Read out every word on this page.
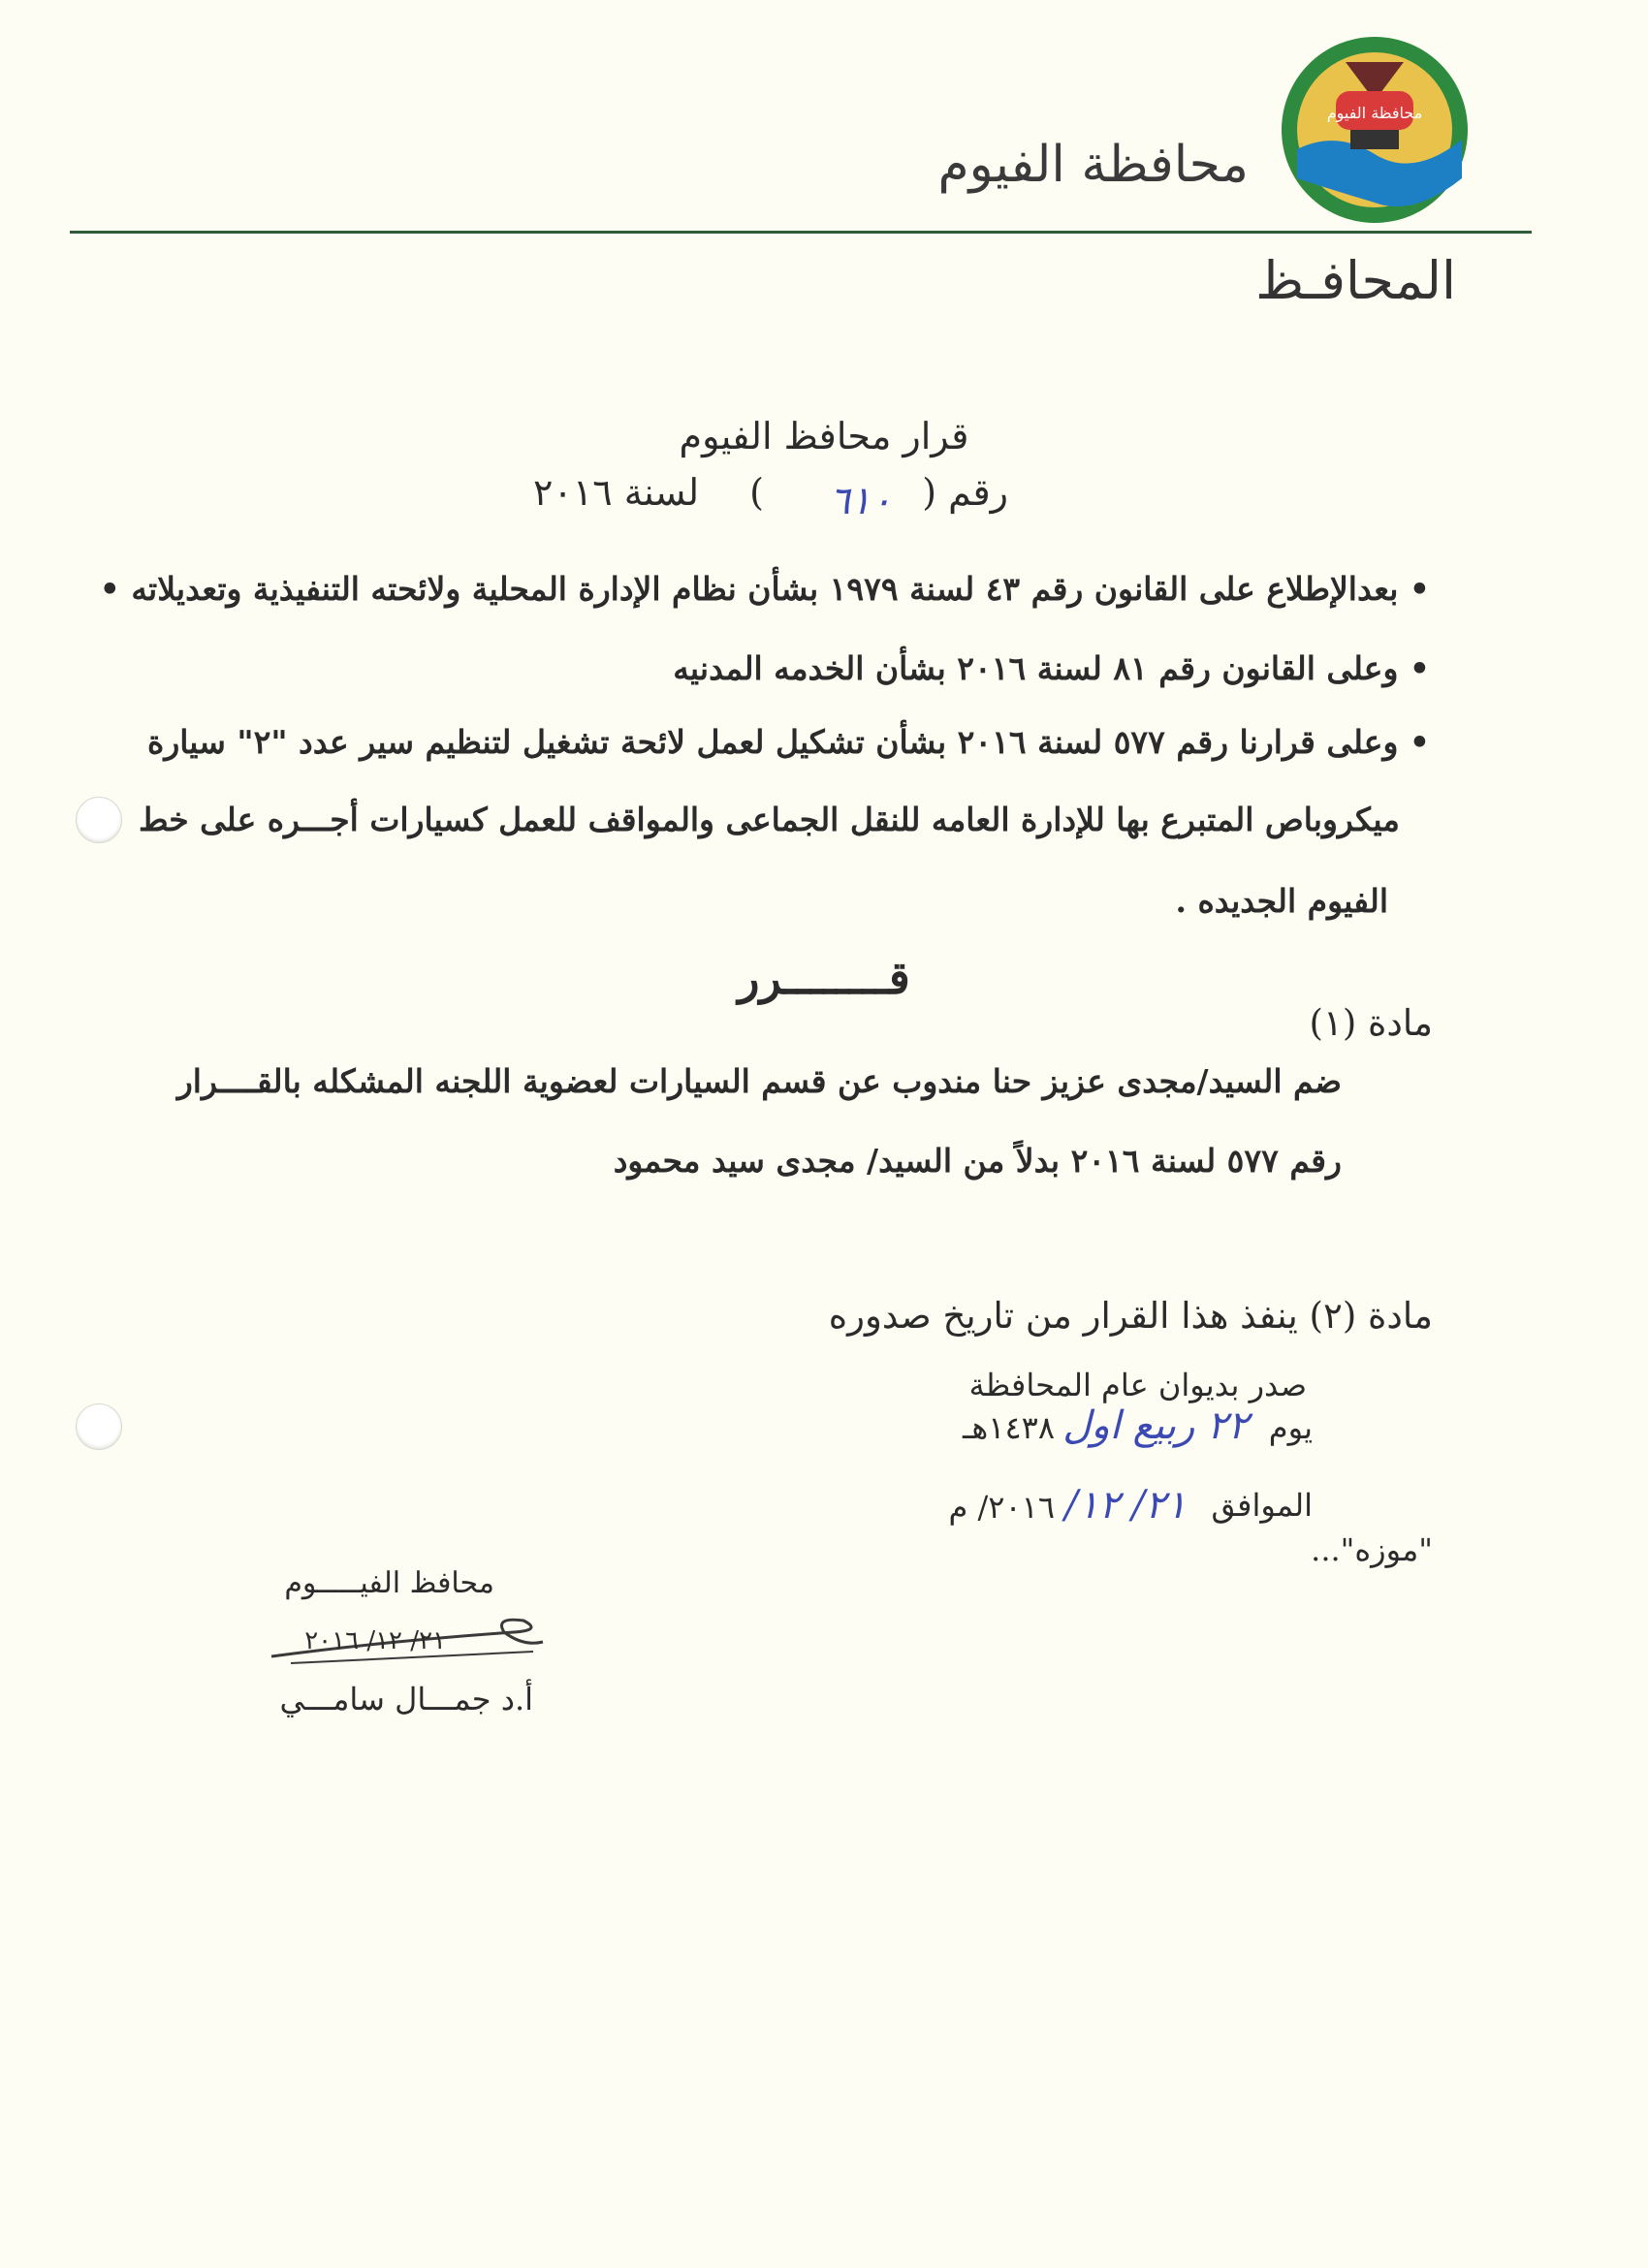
محافظة الفيوم
محافظة الفيوم
المحافـظ
قرار محافظ الفيوم
رقم (
٦١٠
)
لسنة ٢٠١٦
• بعدالإطلاع على القانون رقم ٤٣ لسنة ١٩٧٩ بشأن نظام الإدارة المحلية ولائحته التنفيذية وتعديلاته •
• وعلى القانون رقم ٨١ لسنة ٢٠١٦ بشأن الخدمه المدنيه
• وعلى قرارنا رقم ٥٧٧ لسنة ٢٠١٦ بشأن تشكيل لعمل لائحة تشغيل لتنظيم سير عدد "٢" سيارة
ميكروباص المتبرع بها للإدارة العامه للنقل الجماعى والمواقف للعمل كسيارات أجـــره على خط
الفيوم الجديده .
قــــــــرر
مادة (١)
ضم السيد/مجدى عزيز حنا مندوب عن قسم السيارات لعضوية اللجنه المشكله بالقــــرار
رقم ٥٧٧ لسنة ٢٠١٦ بدلاً من السيد/ مجدى سيد محمود
مادة (٢) ينفذ هذا القرار من تاريخ صدوره
صدر بديوان عام المحافظة
يوم
٢٢ ربيع اول
١٤٣٨هـ
الموافق
٢١/ ١٢/
٢٠١٦/ م
"موزه"...
محافظ الفيـــــوم
٢١/ ١٢/ ٢٠١٦
أ.د جمـــال سامـــي
